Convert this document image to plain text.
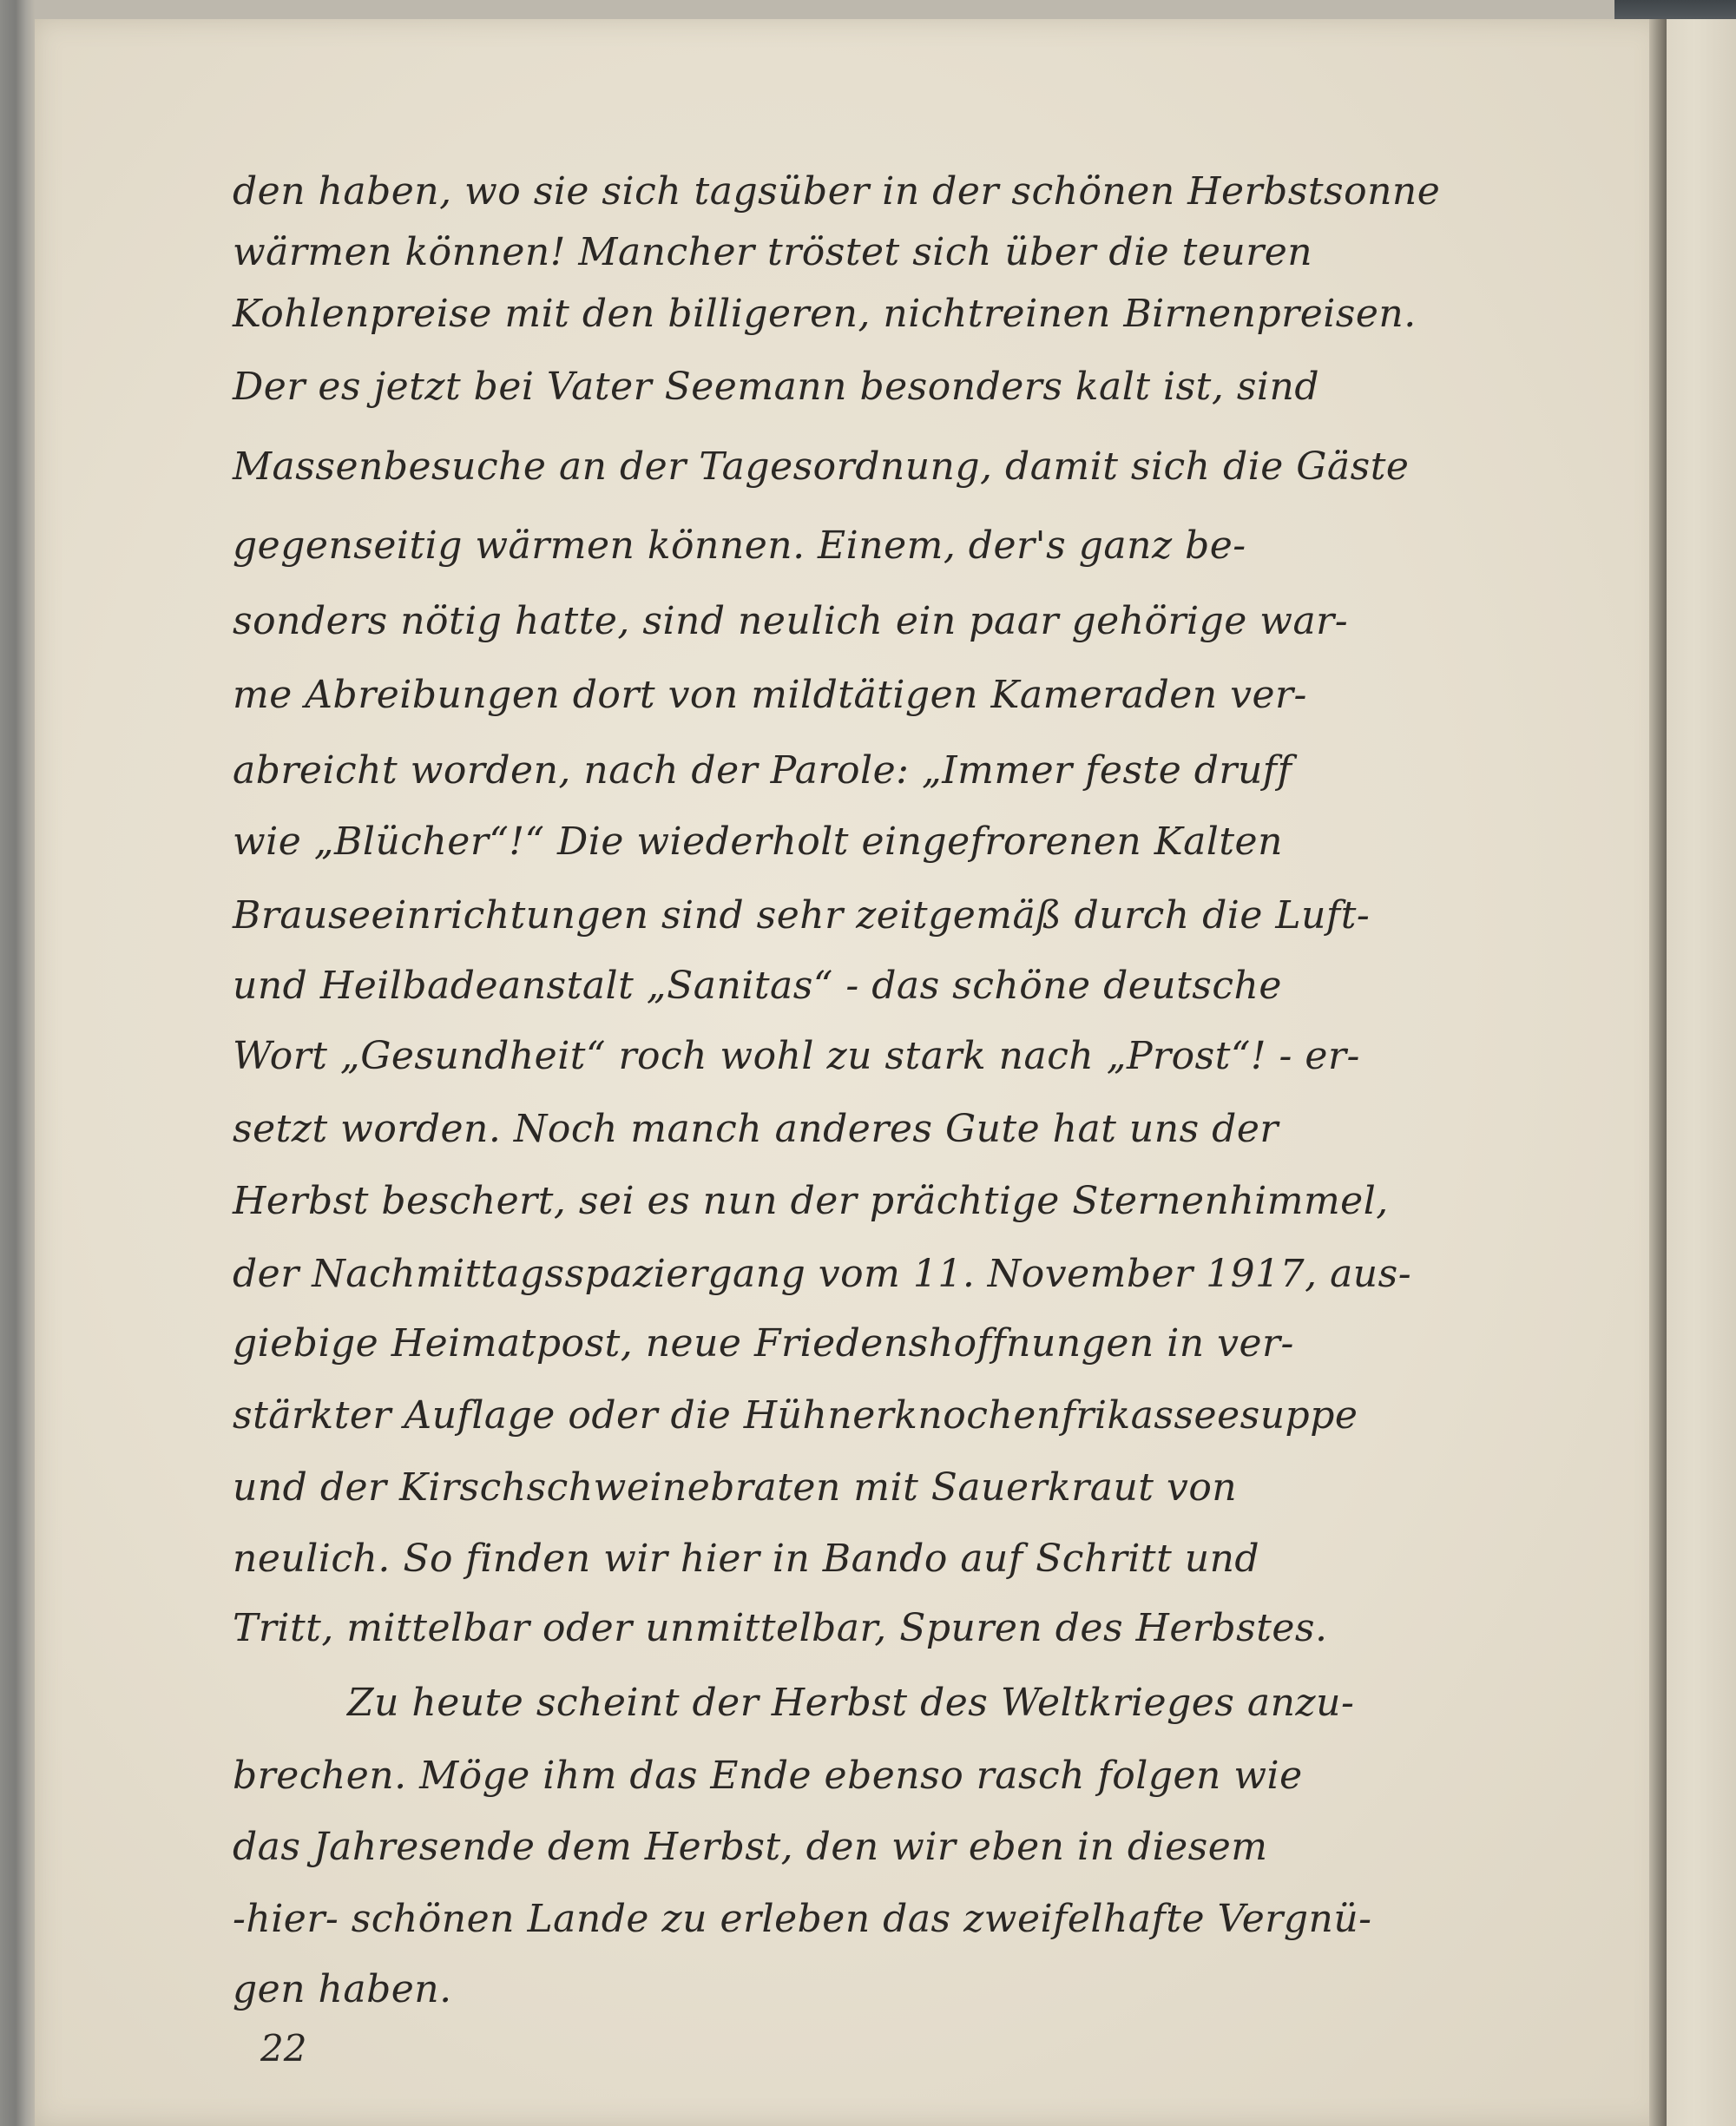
den haben, wo sie sich tagsüber in der schönen Herbstsonne
wärmen können! Mancher tröstet sich über die teuren
Kohlenpreise mit den billigeren, nichtreinen Birnenpreisen.
Der es jetzt bei Vater Seemann besonders kalt ist, sind
Massenbesuche an der Tagesordnung, damit sich die Gäste
gegenseitig wärmen können. Einem, der's ganz be-
sonders nötig hatte, sind neulich ein paar gehörige war-
me Abreibungen dort von mildtätigen Kameraden ver-
abreicht worden, nach der Parole: „Immer feste druff
wie „Blücher“!“ Die wiederholt eingefrorenen Kalten
Brauseeinrichtungen sind sehr zeitgemäß durch die Luft-
und Heilbadeanstalt „Sanitas“ - das schöne deutsche
Wort „Gesundheit“ roch wohl zu stark nach „Prost“! - er-
setzt worden. Noch manch anderes Gute hat uns der
Herbst beschert, sei es nun der prächtige Sternenhimmel,
der Nachmittagsspaziergang vom 11. November 1917, aus-
giebige Heimatpost, neue Friedenshoffnungen in ver-
stärkter Auflage oder die Hühnerknochenfrikasseesuppe
und der Kirschschweinebraten mit Sauerkraut von
neulich. So finden wir hier in Bando auf Schritt und
Tritt, mittelbar oder unmittelbar, Spuren des Herbstes.
Zu heute scheint der Herbst des Weltkrieges anzu-
brechen. Möge ihm das Ende ebenso rasch folgen wie
das Jahresende dem Herbst, den wir eben in diesem
-hier- schönen Lande zu erleben das zweifelhafte Vergnü-
gen haben.
22
